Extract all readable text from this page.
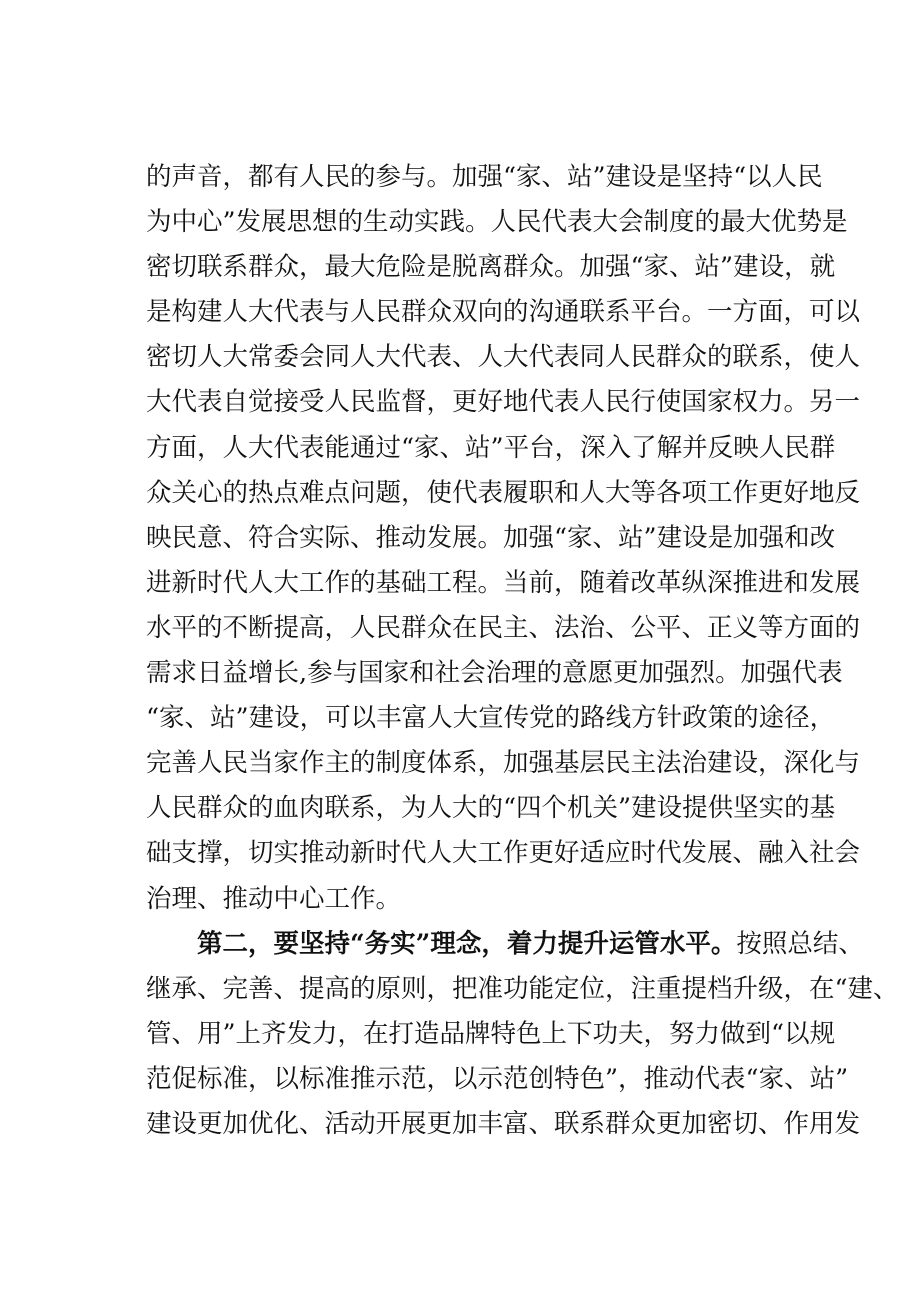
的声音，都有人民的参与。加强“家、站”建设是坚持“以人民
为中心”发展思想的生动实践。人民代表大会制度的最大优势是
密切联系群众，最大危险是脱离群众。加强“家、站”建设，就
是构建人大代表与人民群众双向的沟通联系平台。一方面，可以
密切人大常委会同人大代表、人大代表同人民群众的联系，使人
大代表自觉接受人民监督，更好地代表人民行使国家权力。另一
方面，人大代表能通过“家、站”平台，深入了解并反映人民群
众关心的热点难点问题，使代表履职和人大等各项工作更好地反
映民意、符合实际、推动发展。加强“家、站”建设是加强和改
进新时代人大工作的基础工程。当前，随着改革纵深推进和发展
水平的不断提高，人民群众在民主、法治、公平、正义等方面的
需求日益增长,参与国家和社会治理的意愿更加强烈。加强代表
“家、站”建设，可以丰富人大宣传党的路线方针政策的途径，
完善人民当家作主的制度体系，加强基层民主法治建设，深化与
人民群众的血肉联系，为人大的“四个机关”建设提供坚实的基
础支撑，切实推动新时代人大工作更好适应时代发展、融入社会
治理、推动中心工作。
第二，要坚持“务实”理念，着力提升运管水平。按照总结、
继承、完善、提高的原则，把准功能定位，注重提档升级，在“建、
管、用”上齐发力，在打造品牌特色上下功夫，努力做到“以规
范促标准，以标准推示范，以示范创特色”，推动代表“家、站”
建设更加优化、活动开展更加丰富、联系群众更加密切、作用发
